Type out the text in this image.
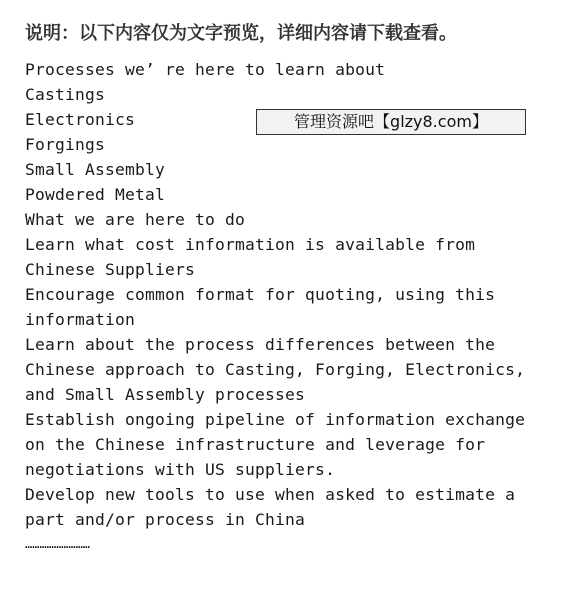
说明：以下内容仅为文字预览，详细内容请下载查看。
Processes we’ re here to learn about
Castings
Electronics
Forgings
Small Assembly
Powdered Metal
What we are here to do
Learn what cost information is available from
Chinese Suppliers
Encourage common format for quoting, using this
information
Learn about the process differences between the
Chinese approach to Casting, Forging, Electronics,
and Small Assembly processes
Establish ongoing pipeline of information exchange
on the Chinese infrastructure and leverage for
negotiations with US suppliers.
Develop new tools to use when asked to estimate a
part and/or process in China
………………………
管理资源吧【glzy8.com】
